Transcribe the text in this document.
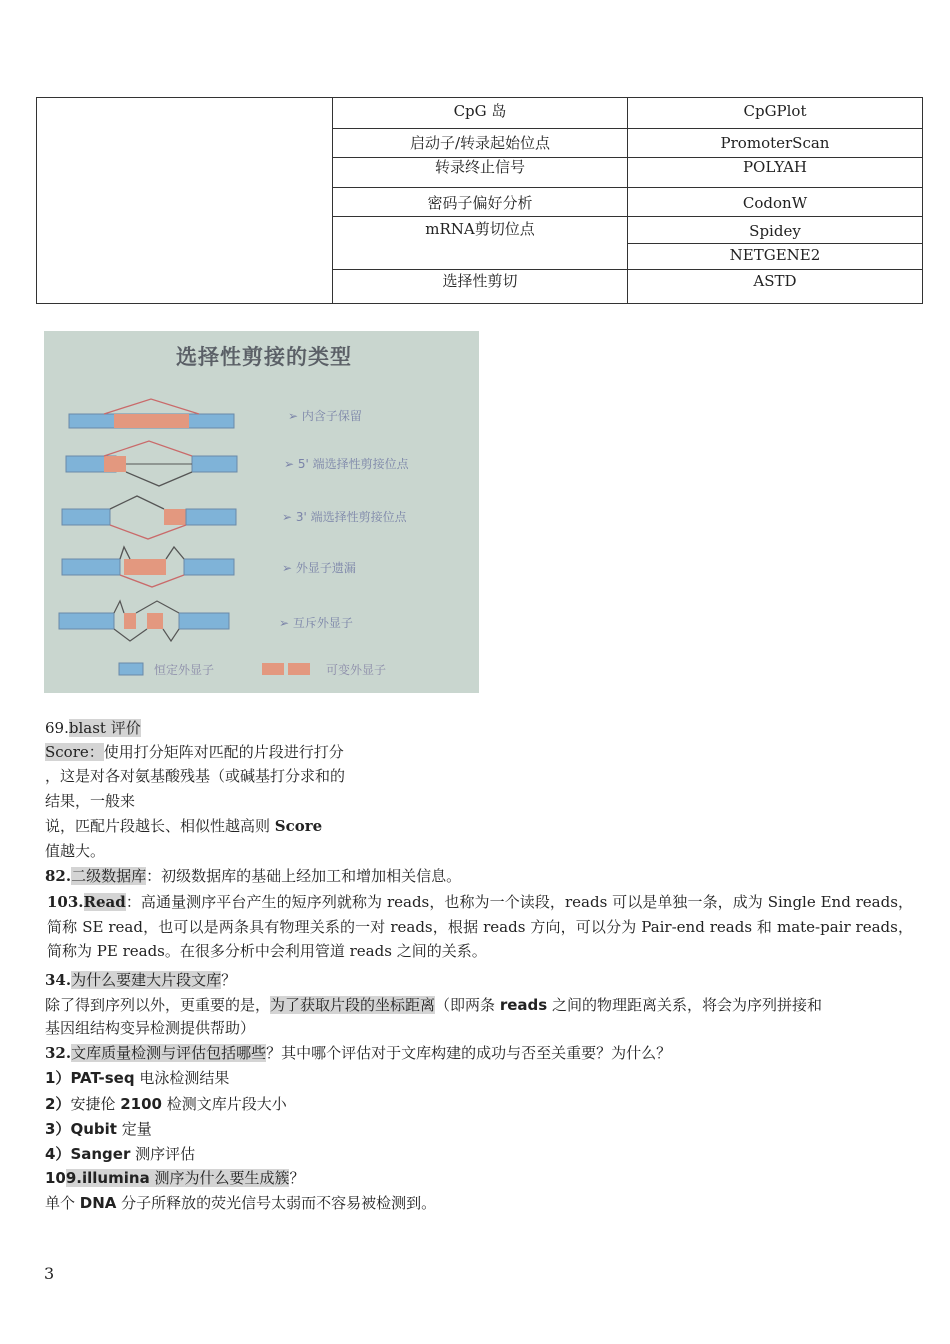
CpG 岛	CpGPlot
启动子/转录起始位点	PromoterScan
转录终止信号	POLYAH
密码子偏好分析	CodonW
mRNA剪切位点	Spidey
NETGENE2
选择性剪切	ASTD
选择性剪接的类型
➢ 内含子保留
➢ 5' 端选择性剪接位点
➢ 3' 端选择性剪接位点
➢ 外显子遗漏
➢ 互斥外显子
恒定外显子	可变外显子
69.blast 评价
Score：使用打分矩阵对匹配的片段进行打分
，这是对各对氨基酸残基（或碱基打分求和的
结果，一般来
说，匹配片段越长、相似性越高则 Score
值越大。
82.二级数据库：初级数据库的基础上经加工和增加相关信息。
103.Read：高通量测序平台产生的短序列就称为 reads，也称为一个读段，reads 可以是单独一条，成为 Single End reads，简称 SE read，也可以是两条具有物理关系的一对 reads，根据 reads 方向，可以分为 Pair-end reads 和 mate-pair reads，简称为 PE reads。在很多分析中会利用管道 reads 之间的关系。
34.为什么要建大片段文库？
除了得到序列以外，更重要的是，为了获取片段的坐标距离（即两条 reads 之间的物理距离关系，将会为序列拼接和
基因组结构变异检测提供帮助）
32.文库质量检测与评估包括哪些？其中哪个评估对于文库构建的成功与否至关重要？为什么？
1）PAT-seq 电泳检测结果
2）安捷伦 2100 检测文库片段大小
3）Qubit 定量
4）Sanger 测序评估
109.illumina 测序为什么要生成簇？
单个 DNA 分子所释放的荧光信号太弱而不容易被检测到。
3
